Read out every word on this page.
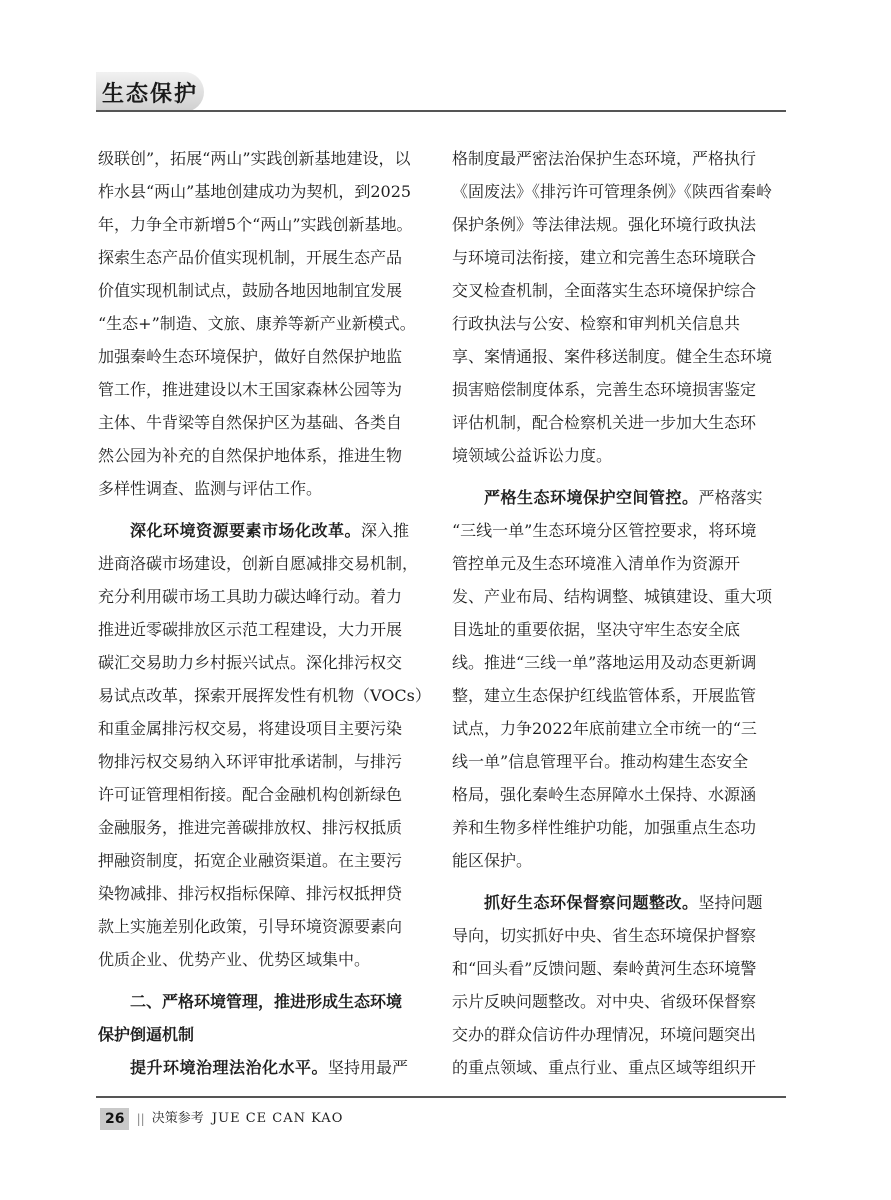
生态保护
级联创”，拓展“两山”实践创新基地建设，以
柞水县“两山”基地创建成功为契机，到2025
年，力争全市新增5个“两山”实践创新基地。
探索生态产品价值实现机制，开展生态产品
价值实现机制试点，鼓励各地因地制宜发展
“生态+”制造、文旅、康养等新产业新模式。
加强秦岭生态环境保护，做好自然保护地监
管工作，推进建设以木王国家森林公园等为
主体、牛背梁等自然保护区为基础、各类自
然公园为补充的自然保护地体系，推进生物
多样性调查、监测与评估工作。
深化环境资源要素市场化改革。深入推
进商洛碳市场建设，创新自愿减排交易机制，
充分利用碳市场工具助力碳达峰行动。着力
推进近零碳排放区示范工程建设，大力开展
碳汇交易助力乡村振兴试点。深化排污权交
易试点改革，探索开展挥发性有机物（VOCs）
和重金属排污权交易，将建设项目主要污染
物排污权交易纳入环评审批承诺制，与排污
许可证管理相衔接。配合金融机构创新绿色
金融服务，推进完善碳排放权、排污权抵质
押融资制度，拓宽企业融资渠道。在主要污
染物减排、排污权指标保障、排污权抵押贷
款上实施差别化政策，引导环境资源要素向
优质企业、优势产业、优势区域集中。
二、严格环境管理，推进形成生态环境
保护倒逼机制
提升环境治理法治化水平。坚持用最严
格制度最严密法治保护生态环境，严格执行
《固废法》《排污许可管理条例》《陕西省秦岭
保护条例》等法律法规。强化环境行政执法
与环境司法衔接，建立和完善生态环境联合
交叉检查机制，全面落实生态环境保护综合
行政执法与公安、检察和审判机关信息共
享、案情通报、案件移送制度。健全生态环境
损害赔偿制度体系，完善生态环境损害鉴定
评估机制，配合检察机关进一步加大生态环
境领域公益诉讼力度。
严格生态环境保护空间管控。严格落实
“三线一单”生态环境分区管控要求，将环境
管控单元及生态环境准入清单作为资源开
发、产业布局、结构调整、城镇建设、重大项
目选址的重要依据，坚决守牢生态安全底
线。推进“三线一单”落地运用及动态更新调
整，建立生态保护红线监管体系，开展监管
试点，力争2022年底前建立全市统一的“三
线一单”信息管理平台。推动构建生态安全
格局，强化秦岭生态屏障水土保持、水源涵
养和生物多样性维护功能，加强重点生态功
能区保护。
抓好生态环保督察问题整改。坚持问题
导向，切实抓好中央、省生态环境保护督察
和“回头看”反馈问题、秦岭黄河生态环境警
示片反映问题整改。对中央、省级环保督察
交办的群众信访件办理情况，环境问题突出
的重点领域、重点行业、重点区域等组织开
26 || 决策参考 JUE CE CAN KAO
